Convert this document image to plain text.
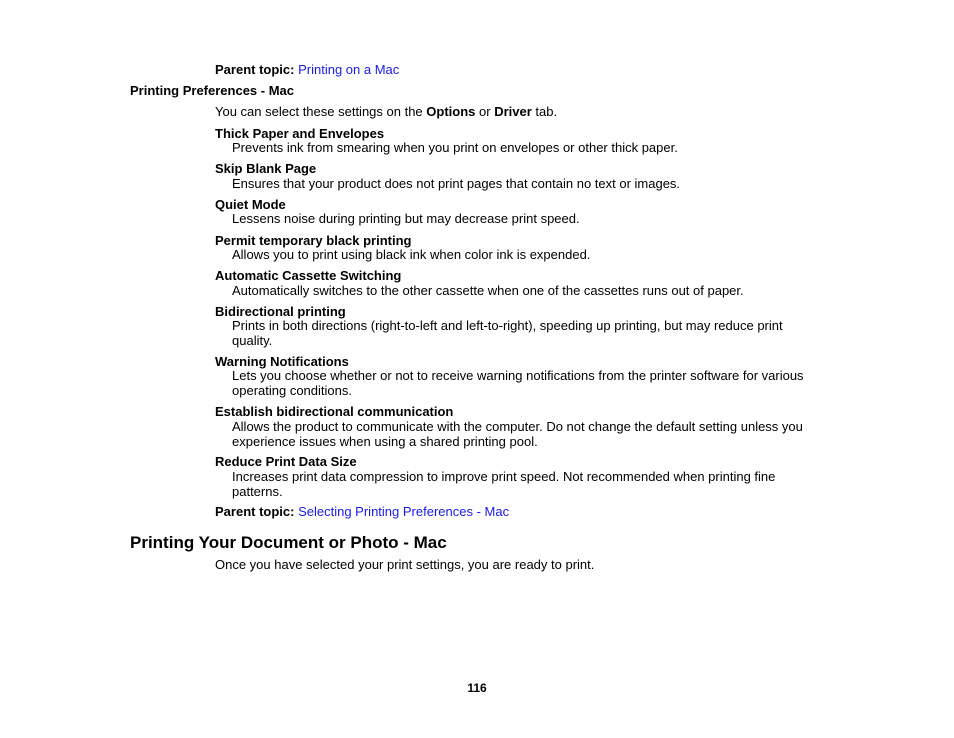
Parent topic: Printing on a Mac
Printing Preferences - Mac
You can select these settings on the Options or Driver tab.
Thick Paper and Envelopes
Prevents ink from smearing when you print on envelopes or other thick paper.
Skip Blank Page
Ensures that your product does not print pages that contain no text or images.
Quiet Mode
Lessens noise during printing but may decrease print speed.
Permit temporary black printing
Allows you to print using black ink when color ink is expended.
Automatic Cassette Switching
Automatically switches to the other cassette when one of the cassettes runs out of paper.
Bidirectional printing
Prints in both directions (right-to-left and left-to-right), speeding up printing, but may reduce print quality.
Warning Notifications
Lets you choose whether or not to receive warning notifications from the printer software for various operating conditions.
Establish bidirectional communication
Allows the product to communicate with the computer. Do not change the default setting unless you experience issues when using a shared printing pool.
Reduce Print Data Size
Increases print data compression to improve print speed. Not recommended when printing fine patterns.
Parent topic: Selecting Printing Preferences - Mac
Printing Your Document or Photo - Mac
Once you have selected your print settings, you are ready to print.
116
